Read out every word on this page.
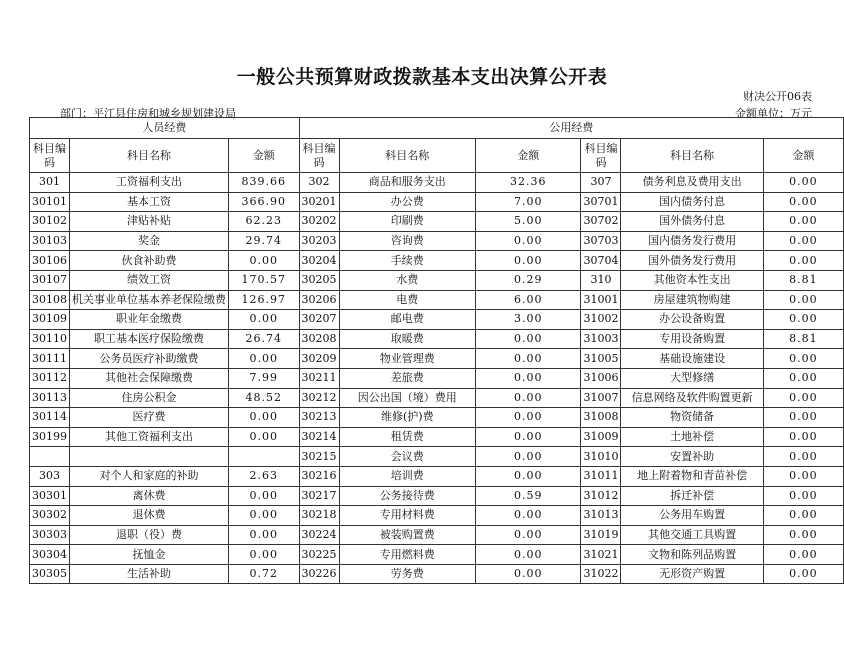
一般公共预算财政拨款基本支出决算公开表
财决公开06表
部门：平江县住房和城乡规划建设局	金额单位：万元
人员经费			公用经费					
科目编码	科目名称	金额	科目编码	科目名称	金额	科目编码	科目名称	金额
301	工资福利支出	839.66	302	商品和服务支出	32.36	307	债务利息及费用支出	0.00
30101	基本工资	366.90	30201	办公费	7.00	30701	国内债务付息	0.00
30102	津贴补贴	62.23	30202	印刷费	5.00	30702	国外债务付息	0.00
30103	奖金	29.74	30203	咨询费	0.00	30703	国内债务发行费用	0.00
30106	伙食补助费	0.00	30204	手续费	0.00	30704	国外债务发行费用	0.00
30107	绩效工资	170.57	30205	水费	0.29	310	其他资本性支出	8.81
30108	机关事业单位基本养老保险缴费	126.97	30206	电费	6.00	31001	房屋建筑物购建	0.00
30109	职业年金缴费	0.00	30207	邮电费	3.00	31002	办公设备购置	0.00
30110	职工基本医疗保险缴费	26.74	30208	取暖费	0.00	31003	专用设备购置	8.81
30111	公务员医疗补助缴费	0.00	30209	物业管理费	0.00	31005	基础设施建设	0.00
30112	其他社会保障缴费	7.99	30211	差旅费	0.00	31006	大型修缮	0.00
30113	住房公积金	48.52	30212	因公出国（境）费用	0.00	31007	信息网络及软件购置更新	0.00
30114	医疗费	0.00	30213	维修(护)费	0.00	31008	物资储备	0.00
30199	其他工资福利支出	0.00	30214	租赁费	0.00	31009	土地补偿	0.00
			30215	会议费	0.00	31010	安置补助	0.00
303	对个人和家庭的补助	2.63	30216	培训费	0.00	31011	地上附着物和青苗补偿	0.00
30301	离休费	0.00	30217	公务接待费	0.59	31012	拆迁补偿	0.00
30302	退休费	0.00	30218	专用材料费	0.00	31013	公务用车购置	0.00
30303	退职（役）费	0.00	30224	被装购置费	0.00	31019	其他交通工具购置	0.00
30304	抚恤金	0.00	30225	专用燃料费	0.00	31021	文物和陈列品购置	0.00
30305	生活补助	0.72	30226	劳务费	0.00	31022	无形资产购置	0.00
